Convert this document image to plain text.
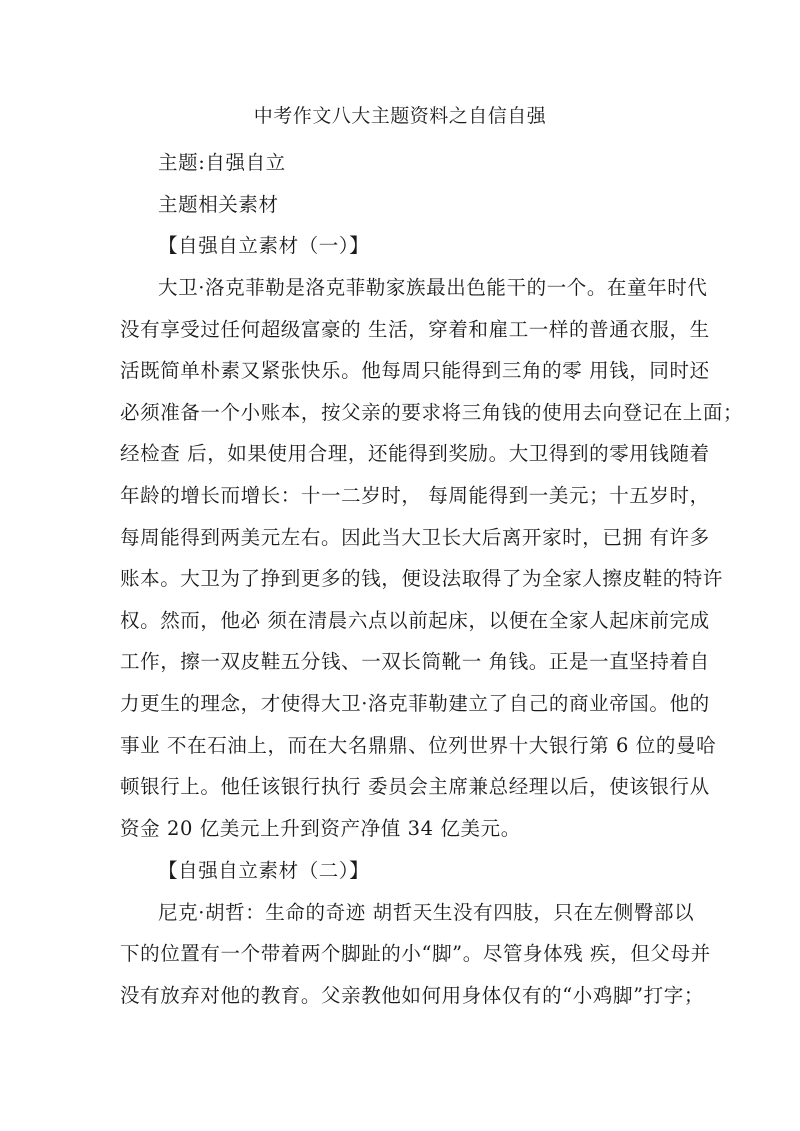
中考作文八大主题资料之自信自强
主题:自强自立
主题相关素材
【自强自立素材（一）】
大卫·洛克菲勒是洛克菲勒家族最出色能干的一个。在童年时代
没有享受过任何超级富豪的 生活，穿着和雇工一样的普通衣服，生
活既简单朴素又紧张快乐。他每周只能得到三角的零 用钱，同时还
必须准备一个小账本，按父亲的要求将三角钱的使用去向登记在上面；
经检查 后，如果使用合理，还能得到奖励。大卫得到的零用钱随着
年龄的增长而增长：十一二岁时， 每周能得到一美元；十五岁时，
每周能得到两美元左右。因此当大卫长大后离开家时，已拥 有许多
账本。大卫为了挣到更多的钱，便设法取得了为全家人擦皮鞋的特许
权。然而，他必 须在清晨六点以前起床，以便在全家人起床前完成
工作，擦一双皮鞋五分钱、一双长筒靴一 角钱。正是一直坚持着自
力更生的理念，才使得大卫·洛克菲勒建立了自己的商业帝国。他的
事业 不在石油上，而在大名鼎鼎、位列世界十大银行第 6 位的曼哈
顿银行上。他任该银行执行 委员会主席兼总经理以后，使该银行从
资金 20 亿美元上升到资产净值 34 亿美元。
【自强自立素材（二）】
尼克·胡哲：生命的奇迹 胡哲天生没有四肢，只在左侧臀部以
下的位置有一个带着两个脚趾的小“脚”。尽管身体残 疾，但父母并
没有放弃对他的教育。父亲教他如何用身体仅有的“小鸡脚”打字；
